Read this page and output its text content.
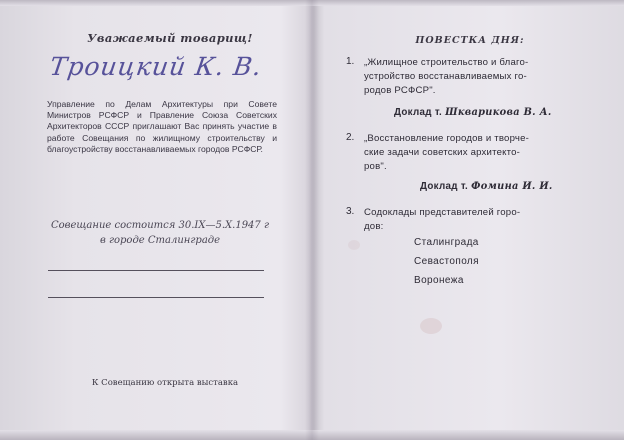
Уважаемый товарищ!
Троицкий К. В.
Управление по Делам Архитектуры при Совете Министров РСФСР и Правление Союза Советских Архитекторов СССР приглашают Вас принять участие в работе Совещания по жилищному строительству и благоустройству восстанавливаемых городов РСФСР.
Совещание состоится 30.IX—5.X.1947 г
в городе Сталинграде
К Совещанию открыта выставка
ПОВЕСТКА ДНЯ:
1. „Жилищное строительство и благо-
устройство восстанавливаемых го-
родов РСФСР".
Доклад т. Шкварикова В. А.
2. „Восстановление городов и творче-
ские задачи советских архитекто-
ров".
Доклад т. Фомина И. И.
3. Содоклады представителей горо-
дов:
Сталинграда
Севастополя
Воронежа
